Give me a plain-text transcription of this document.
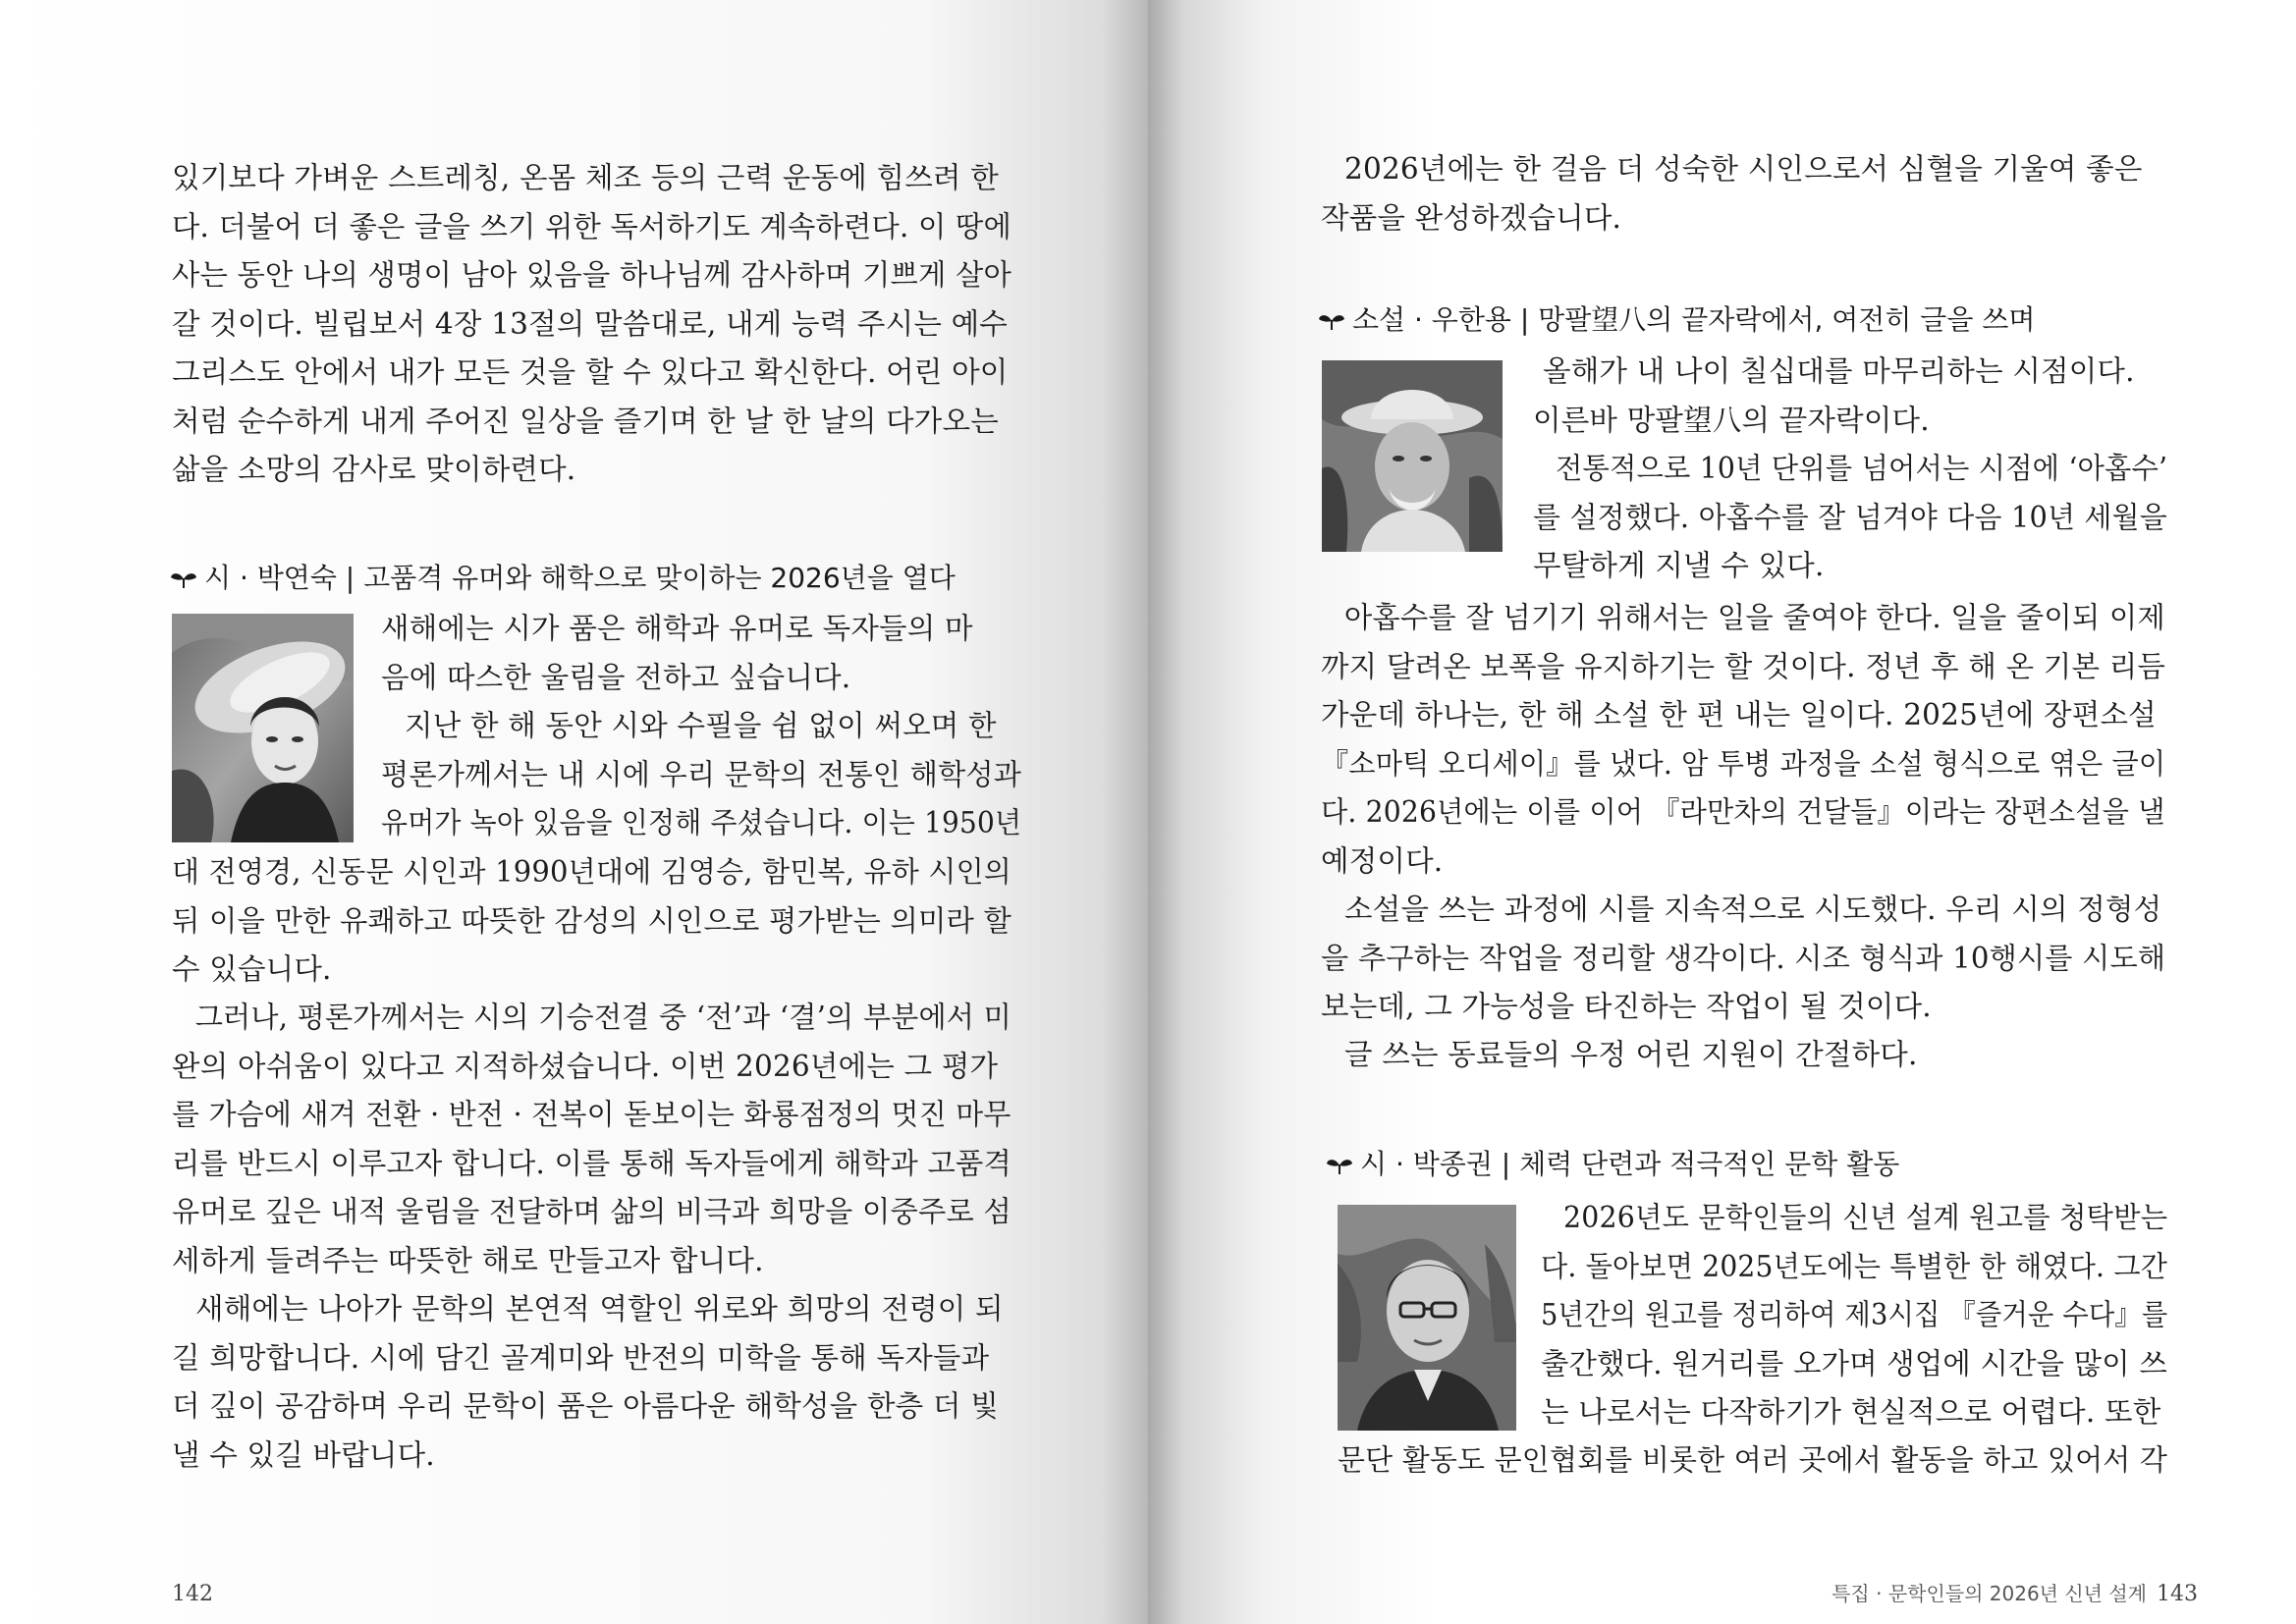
있기보다 가벼운 스트레칭, 온몸 체조 등의 근력 운동에 힘쓰려 한
다. 더불어 더 좋은 글을 쓰기 위한 독서하기도 계속하련다. 이 땅에
사는 동안 나의 생명이 남아 있음을 하나님께 감사하며 기쁘게 살아
갈 것이다. 빌립보서 4장 13절의 말씀대로, 내게 능력 주시는 예수
그리스도 안에서 내가 모든 것을 할 수 있다고 확신한다. 어린 아이
처럼 순수하게 내게 주어진 일상을 즐기며 한 날 한 날의 다가오는
삶을 소망의 감사로 맞이하련다.
시 · 박연숙 | 고품격 유머와 해학으로 맞이하는 2026년을 열다
새해에는 시가 품은 해학과 유머로 독자들의 마
음에 따스한 울림을 전하고 싶습니다.
지난 한 해 동안 시와 수필을 쉼 없이 써오며 한
평론가께서는 내 시에 우리 문학의 전통인 해학성과
유머가 녹아 있음을 인정해 주셨습니다. 이는 1950년
대 전영경, 신동문 시인과 1990년대에 김영승, 함민복, 유하 시인의
뒤 이을 만한 유쾌하고 따뜻한 감성의 시인으로 평가받는 의미라 할
수 있습니다.
그러나, 평론가께서는 시의 기승전결 중 ‘전’과 ‘결’의 부분에서 미
완의 아쉬움이 있다고 지적하셨습니다. 이번 2026년에는 그 평가
를 가슴에 새겨 전환 · 반전 · 전복이 돋보이는 화룡점정의 멋진 마무
리를 반드시 이루고자 합니다. 이를 통해 독자들에게 해학과 고품격
유머로 깊은 내적 울림을 전달하며 삶의 비극과 희망을 이중주로 섬
세하게 들려주는 따뜻한 해로 만들고자 합니다.
새해에는 나아가 문학의 본연적 역할인 위로와 희망의 전령이 되
길 희망합니다. 시에 담긴 골계미와 반전의 미학을 통해 독자들과
더 깊이 공감하며 우리 문학이 품은 아름다운 해학성을 한층 더 빛
낼 수 있길 바랍니다.
142
2026년에는 한 걸음 더 성숙한 시인으로서 심혈을 기울여 좋은
작품을 완성하겠습니다.
소설 · 우한용 | 망팔望八의 끝자락에서, 여전히 글을 쓰며
올해가 내 나이 칠십대를 마무리하는 시점이다.
이른바 망팔望八의 끝자락이다.
전통적으로 10년 단위를 넘어서는 시점에 ‘아홉수’
를 설정했다. 아홉수를 잘 넘겨야 다음 10년 세월을
무탈하게 지낼 수 있다.
아홉수를 잘 넘기기 위해서는 일을 줄여야 한다. 일을 줄이되 이제
까지 달려온 보폭을 유지하기는 할 것이다. 정년 후 해 온 기본 리듬
가운데 하나는, 한 해 소설 한 편 내는 일이다. 2025년에 장편소설
『소마틱 오디세이』를 냈다. 암 투병 과정을 소설 형식으로 엮은 글이
다. 2026년에는 이를 이어 『라만차의 건달들』이라는 장편소설을 낼
예정이다.
소설을 쓰는 과정에 시를 지속적으로 시도했다. 우리 시의 정형성
을 추구하는 작업을 정리할 생각이다. 시조 형식과 10행시를 시도해
보는데, 그 가능성을 타진하는 작업이 될 것이다.
글 쓰는 동료들의 우정 어린 지원이 간절하다.
시 · 박종권 | 체력 단련과 적극적인 문학 활동
2026년도 문학인들의 신년 설계 원고를 청탁받는
다. 돌아보면 2025년도에는 특별한 한 해였다. 그간
5년간의 원고를 정리하여 제3시집 『즐거운 수다』를
출간했다. 원거리를 오가며 생업에 시간을 많이 쓰
는 나로서는 다작하기가 현실적으로 어렵다. 또한
문단 활동도 문인협회를 비롯한 여러 곳에서 활동을 하고 있어서 각
특집 · 문학인들의 2026년 신년 설계 143
